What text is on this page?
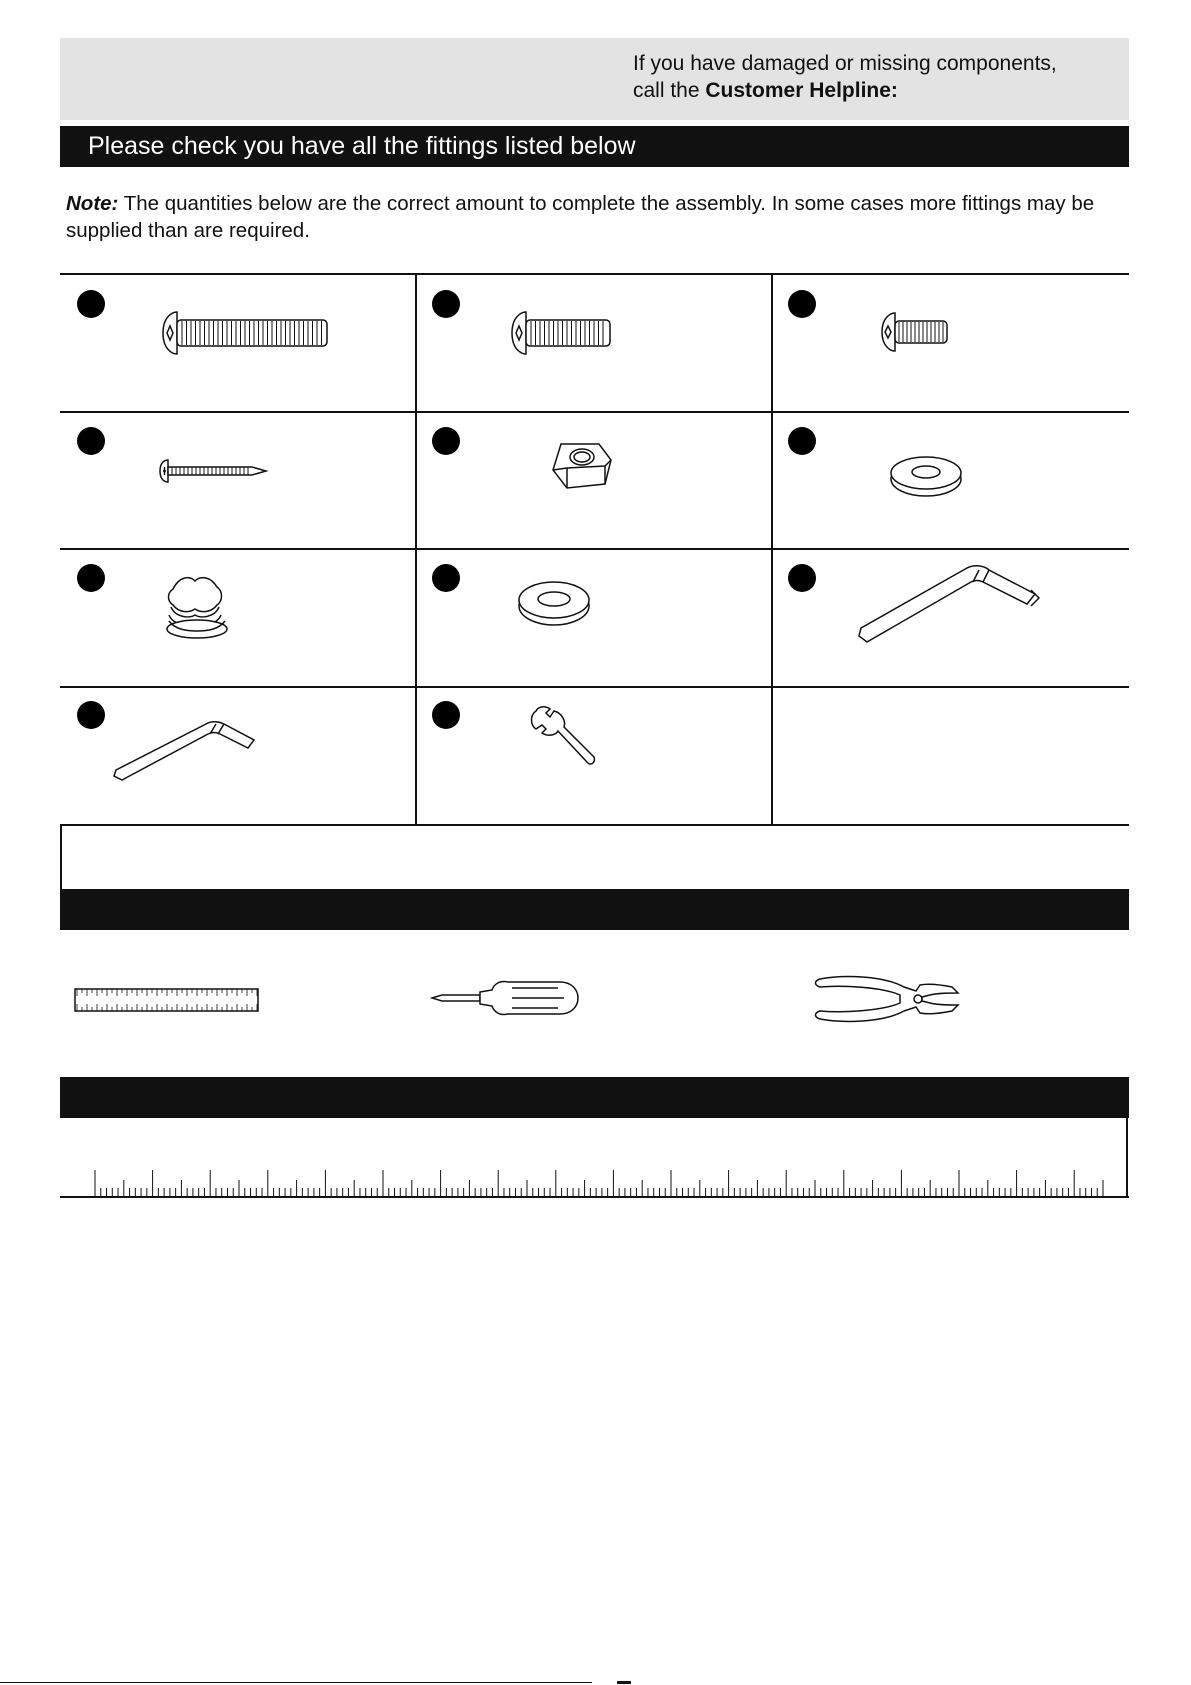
If you have damaged or missing components,
call the Customer Helpline:
Please check you have all the fittings listed below
Note: The quantities below are the correct amount to complete the assembly. In some cases more fittings may be supplied than are required.
